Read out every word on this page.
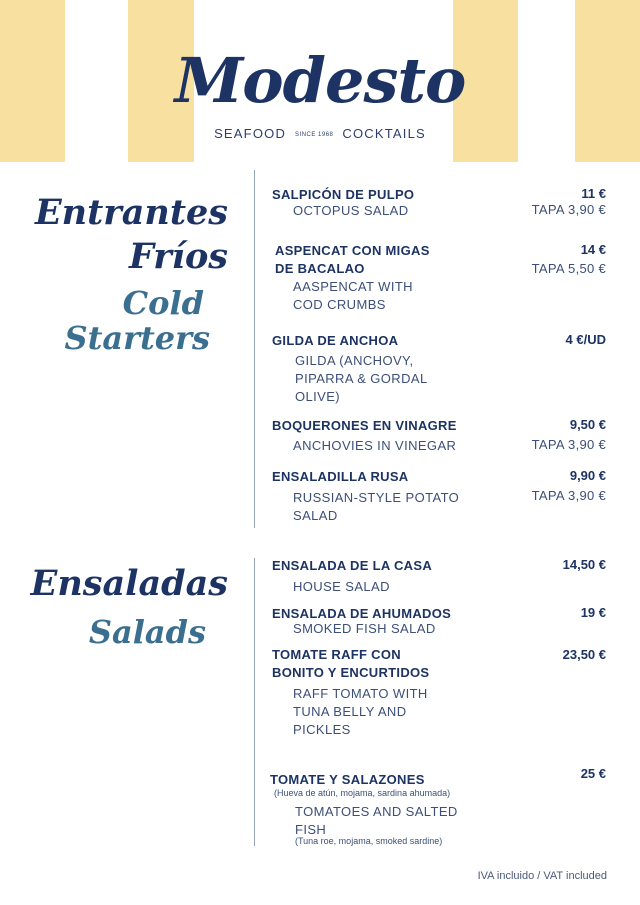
Modesto
SEAFOOD SINCE 1968 COCKTAILS
Entrantes
Fríos
Cold
Starters
SALPICÓN DE PULPO
OCTOPUS SALAD
11 €
TAPA 3,90 €
ASPENCAT CON MIGAS
DE BACALAO
AASPENCAT WITH
COD CRUMBS
14 €
TAPA 5,50 €
GILDA DE ANCHOA
GILDA (ANCHOVY,
PIPARRA & GORDAL
OLIVE)
4 €/UD
BOQUERONES EN VINAGRE
ANCHOVIES IN VINEGAR
9,50 €
TAPA 3,90 €
ENSALADILLA RUSA
RUSSIAN-STYLE POTATO
SALAD
9,90 €
TAPA 3,90 €
Ensaladas
Salads
ENSALADA DE LA CASA
HOUSE SALAD
14,50 €
ENSALADA DE AHUMADOS
SMOKED FISH SALAD
19 €
TOMATE RAFF CON
BONITO Y ENCURTIDOS
RAFF TOMATO WITH
TUNA BELLY AND
PICKLES
23,50 €
TOMATE Y SALAZONES
(Hueva de atún, mojama, sardina ahumada)
TOMATOES AND SALTED
FISH
(Tuna roe, mojama, smoked sardine)
25 €
IVA incluido / VAT included
